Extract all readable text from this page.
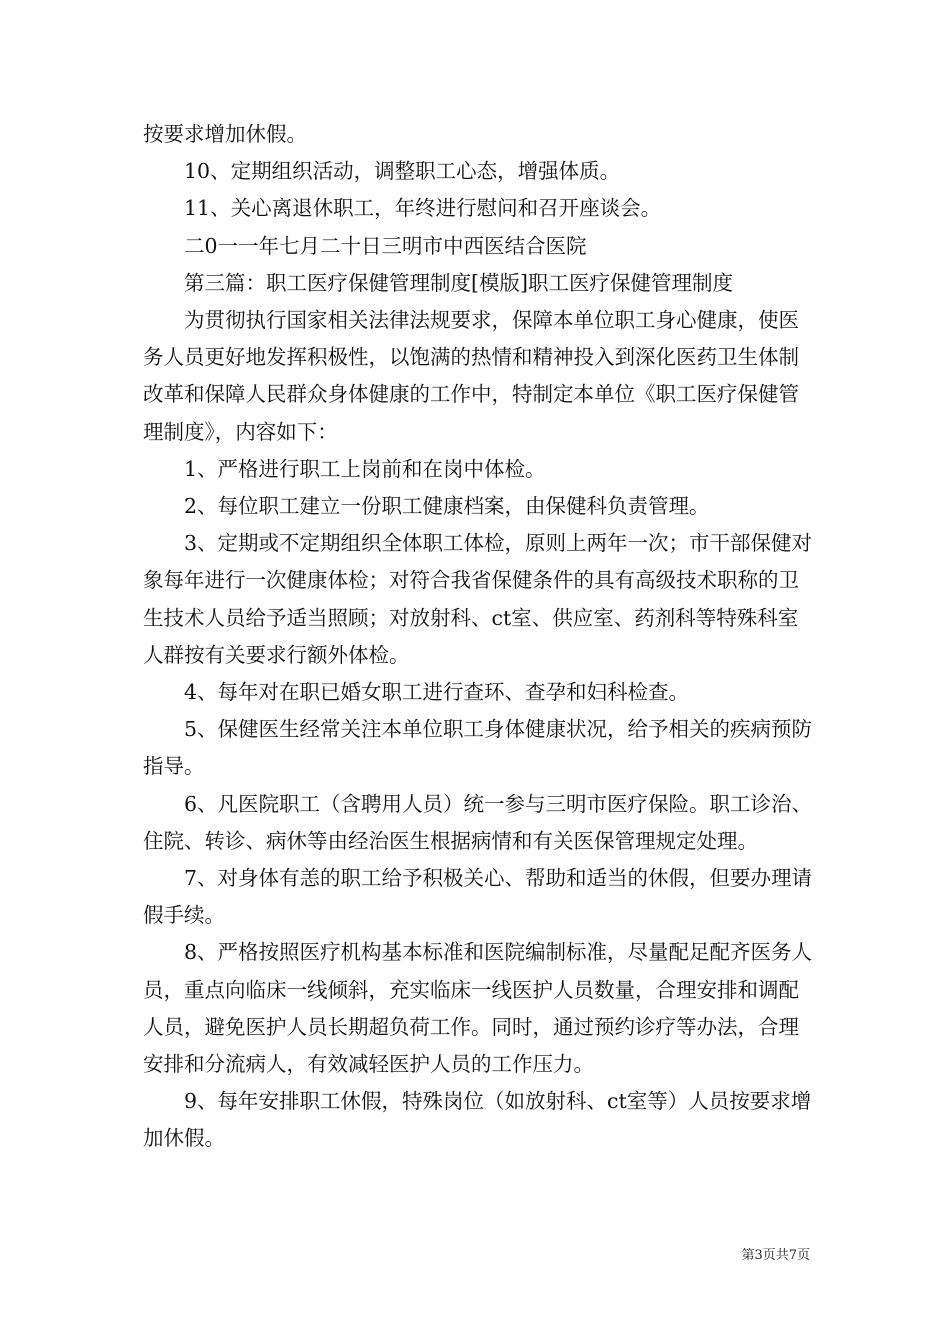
按要求增加休假。

10、定期组织活动，调整职工心态，增强体质。

11、关心离退休职工，年终进行慰问和召开座谈会。

二0一一年七月二十日三明市中西医结合医院

第三篇：职工医疗保健管理制度[模版]职工医疗保健管理制度

为贯彻执行国家相关法律法规要求，保障本单位职工身心健康，使医务人员更好地发挥积极性，以饱满的热情和精神投入到深化医药卫生体制改革和保障人民群众身体健康的工作中，特制定本单位《职工医疗保健管理制度》，内容如下：

1、严格进行职工上岗前和在岗中体检。

2、每位职工建立一份职工健康档案，由保健科负责管理。

3、定期或不定期组织全体职工体检，原则上两年一次；市干部保健对象每年进行一次健康体检；对符合我省保健条件的具有高级技术职称的卫生技术人员给予适当照顾；对放射科、ct室、供应室、药剂科等特殊科室人群按有关要求行额外体检。

4、每年对在职已婚女职工进行查环、查孕和妇科检查。

5、保健医生经常关注本单位职工身体健康状况，给予相关的疾病预防指导。

6、凡医院职工（含聘用人员）统一参与三明市医疗保险。职工诊治、住院、转诊、病休等由经治医生根据病情和有关医保管理规定处理。

7、对身体有恙的职工给予积极关心、帮助和适当的休假，但要办理请假手续。

8、严格按照医疗机构基本标准和医院编制标准，尽量配足配齐医务人员，重点向临床一线倾斜，充实临床一线医护人员数量，合理安排和调配人员，避免医护人员长期超负荷工作。同时，通过预约诊疗等办法，合理安排和分流病人，有效减轻医护人员的工作压力。

9、每年安排职工休假，特殊岗位（如放射科、ct室等）人员按要求增加休假。

第3页共7页
